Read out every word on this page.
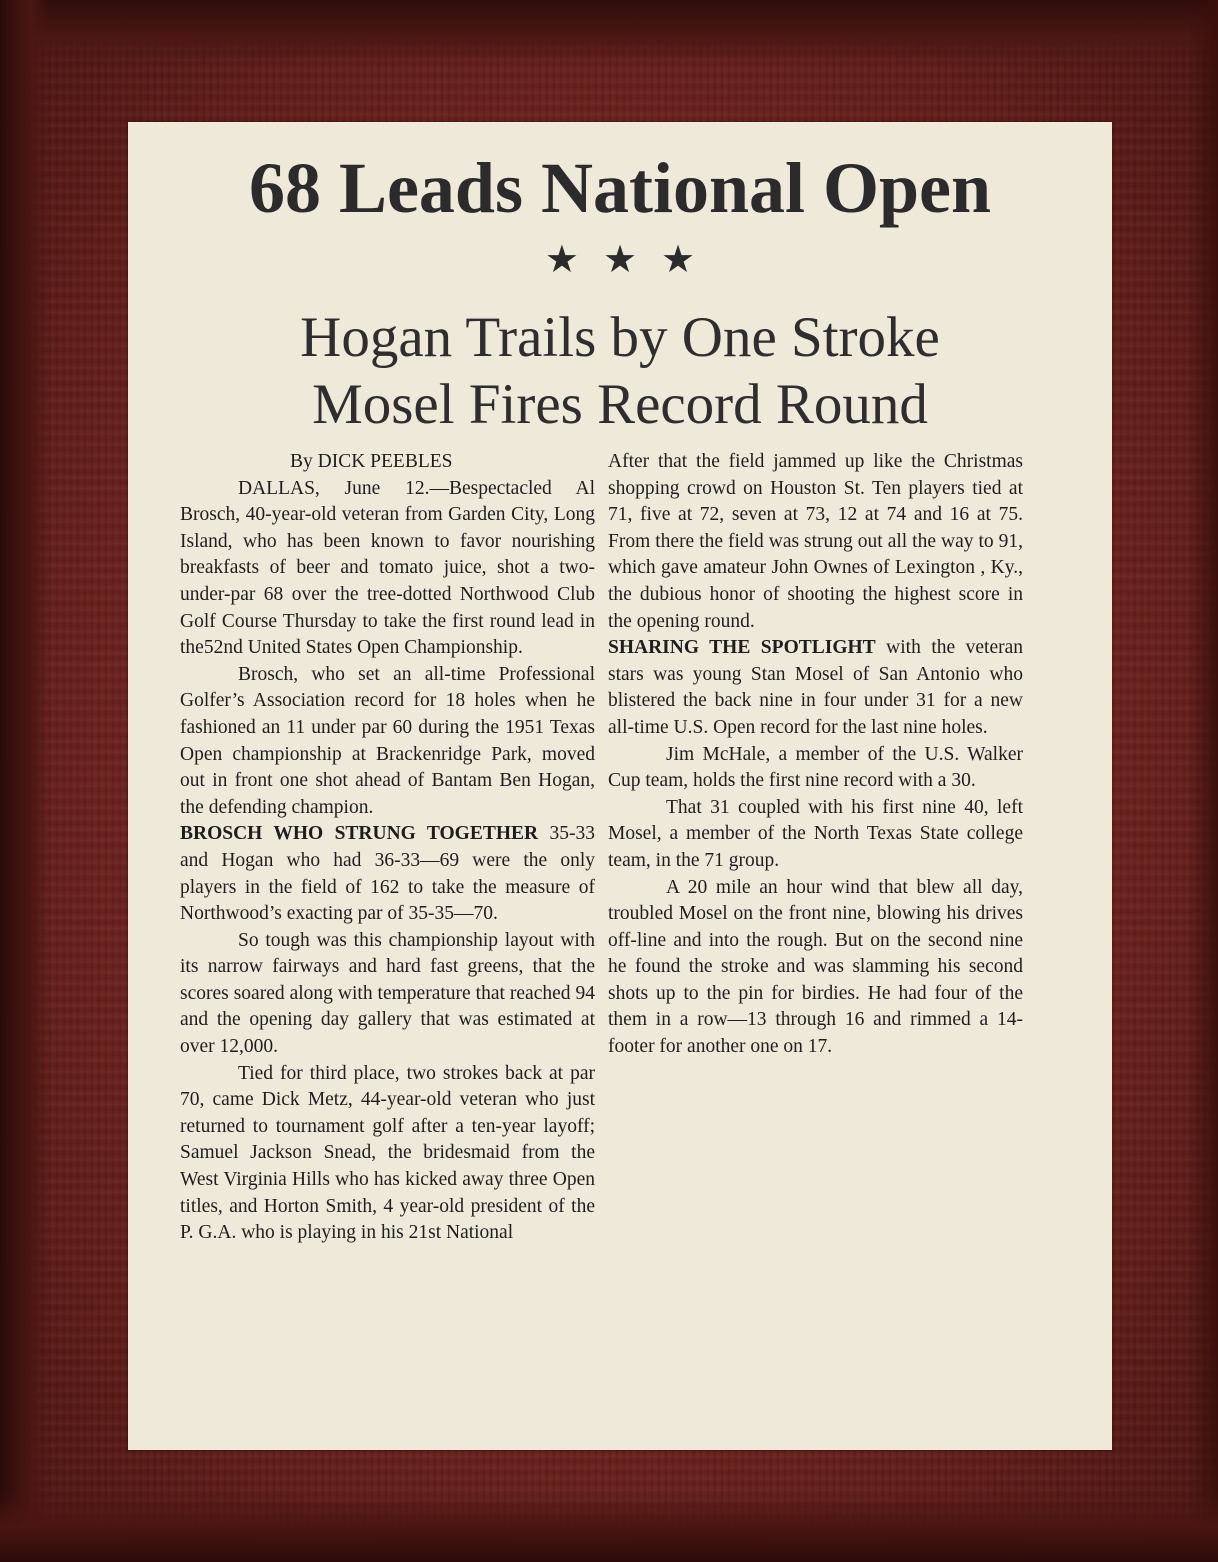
68 Leads National Open
★★★
Hogan Trails by One Stroke
Mosel Fires Record Round

By DICK PEEBLES

DALLAS, June 12.—Bespectacled Al Brosch, 40-year-old veteran from Garden City, Long Island, who has been known to favor nourishing breakfasts of beer and tomato juice, shot a two-under-par 68 over the tree-dotted Northwood Club Golf Course Thursday to take the first round lead in the52nd United States Open Championship.

Brosch, who set an all-time Professional Golfer’s Association record for 18 holes when he fashioned an 11 under par 60 during the 1951 Texas Open championship at Brackenridge Park, moved out in front one shot ahead of Bantam Ben Hogan, the defending champion.

BROSCH WHO STRUNG TOGETHER 35-33 and Hogan who had 36-33—69 were the only players in the field of 162 to take the measure of Northwood’s exacting par of 35-35—70.

So tough was this championship layout with its narrow fairways and hard fast greens, that the scores soared along with temperature that reached 94 and the opening day gallery that was estimated at over 12,000.

Tied for third place, two strokes back at par 70, came Dick Metz, 44-year-old veteran who just returned to tournament golf after a ten-year layoff; Samuel Jackson Snead, the bridesmaid from the West Virginia Hills who has kicked away three Open titles, and Horton Smith, 4 year-old president of the P. G.A. who is playing in his 21st National

After that the field jammed up like the Christmas shopping crowd on Houston St. Ten players tied at 71, five at 72, seven at 73, 12 at 74 and 16 at 75. From there the field was strung out all the way to 91, which gave amateur John Ownes of Lexington , Ky., the dubious honor of shooting the highest score in the opening round.

SHARING THE SPOTLIGHT with the veteran stars was young Stan Mosel of San Antonio who blistered the back nine in four under 31 for a new all-time U.S. Open record for the last nine holes.

Jim McHale, a member of the U.S. Walker Cup team, holds the first nine record with a 30.

That 31 coupled with his first nine 40, left Mosel, a member of the North Texas State college team, in the 71 group.

A 20 mile an hour wind that blew all day, troubled Mosel on the front nine, blowing his drives off-line and into the rough. But on the second nine he found the stroke and was slamming his second shots up to the pin for birdies. He had four of the them in a row—13 through 16 and rimmed a 14-footer for another one on 17.
